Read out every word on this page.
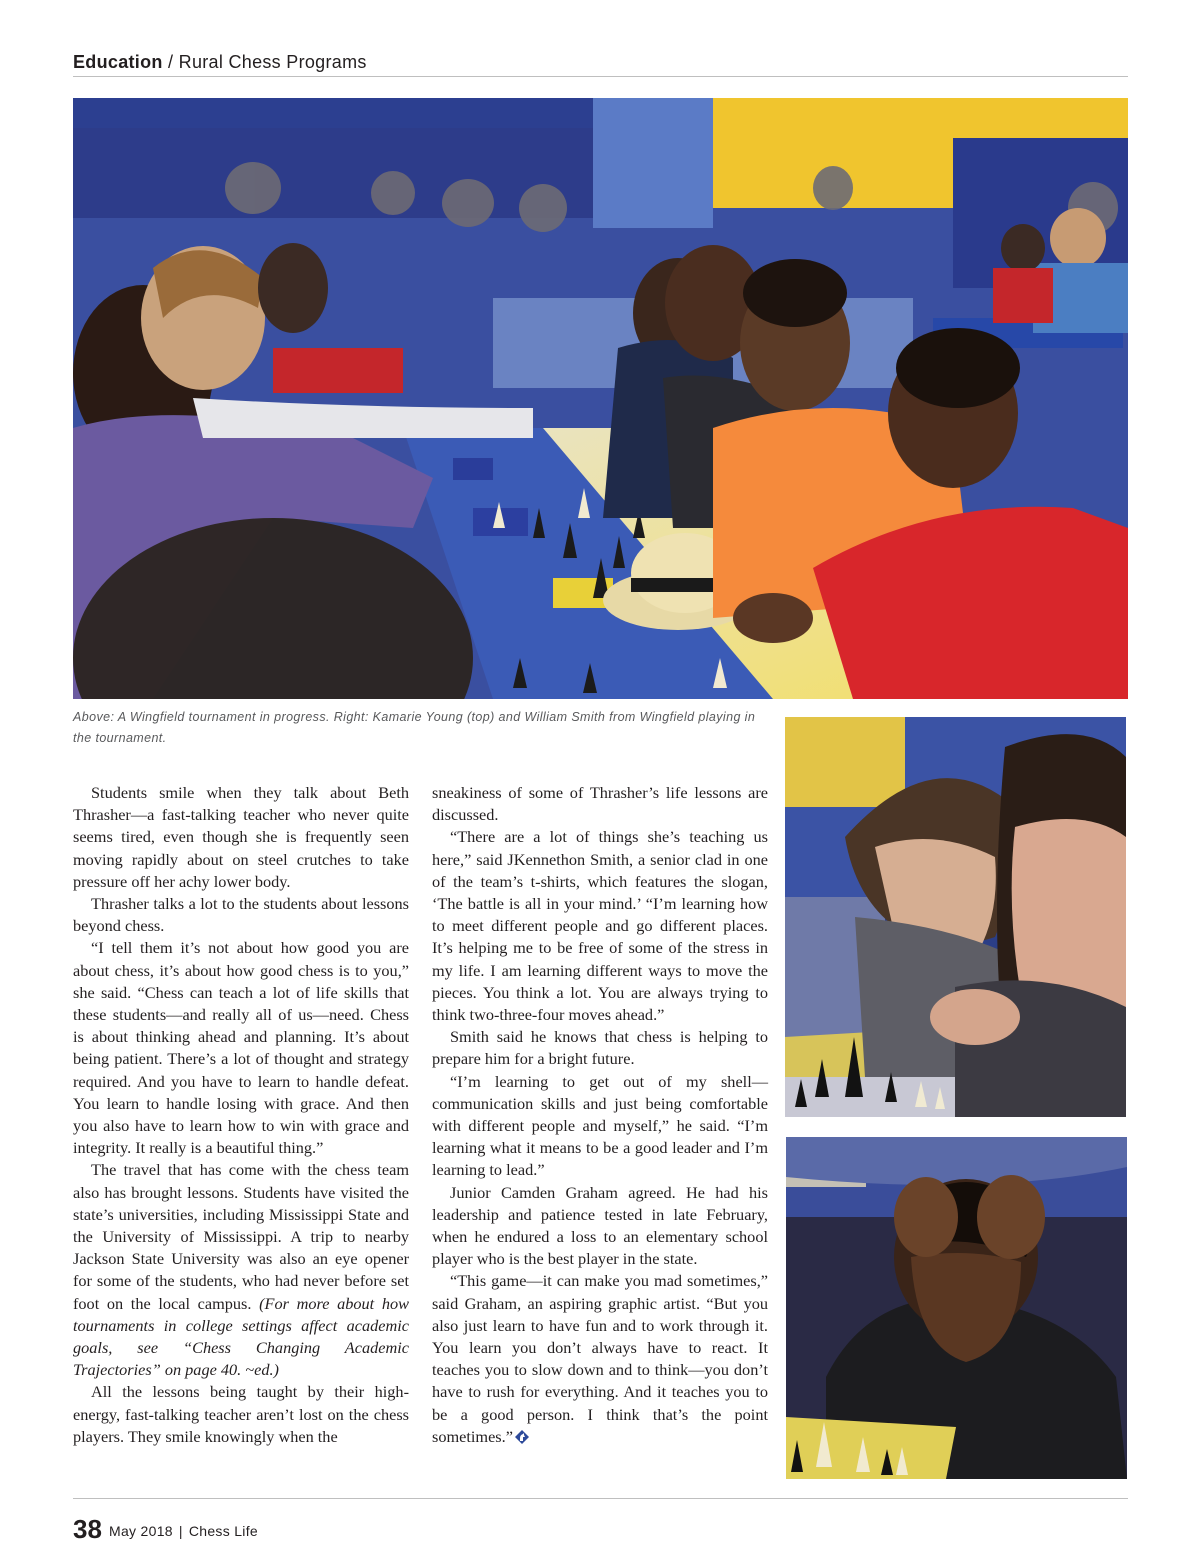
Education / Rural Chess Programs
Above: A Wingfield tournament in progress. Right: Kamarie Young (top) and William Smith from Wingfield playing in the tournament.

Students smile when they talk about Beth Thrasher—a fast-talking teacher who never quite seems tired, even though she is frequently seen moving rapidly about on steel crutches to take pressure off her achy lower body.

Thrasher talks a lot to the students about lessons beyond chess.

“I tell them it’s not about how good you are about chess, it’s about how good chess is to you,” she said. “Chess can teach a lot of life skills that these students—and really all of us—need. Chess is about thinking ahead and planning. It’s about being patient. There’s a lot of thought and strategy required. And you have to learn to handle defeat. You learn to handle losing with grace. And then you also have to learn how to win with grace and integrity. It really is a beautiful thing.”

The travel that has come with the chess team also has brought lessons. Students have visited the state’s universities, including Mississippi State and the University of Mississippi. A trip to nearby Jackson State University was also an eye opener for some of the students, who had never before set foot on the local campus. (For more about how tournaments in college settings affect academic goals, see “Chess Changing Academic Trajectories” on page 40. ~ed.)

All the lessons being taught by their high-energy, fast-talking teacher aren’t lost on the chess players. They smile knowingly when the

sneakiness of some of Thrasher’s life lessons are discussed.

“There are a lot of things she’s teaching us here,” said JKennethon Smith, a senior clad in one of the team’s t-shirts, which features the slogan, ‘The battle is all in your mind.’ “I’m learning how to meet different people and go different places. It’s helping me to be free of some of the stress in my life. I am learning different ways to move the pieces. You think a lot. You are always trying to think two-three-four moves ahead.”

Smith said he knows that chess is helping to prepare him for a bright future.

“I’m learning to get out of my shell—communication skills and just being comfortable with different people and myself,” he said. “I’m learning what it means to be a good leader and I’m learning to lead.”

Junior Camden Graham agreed. He had his leadership and patience tested in late February, when he endured a loss to an elementary school player who is the best player in the state.

“This game—it can make you mad sometimes,” said Graham, an aspiring graphic artist. “But you also just learn to have fun and to work through it. You learn you don’t always have to react. It teaches you to slow down and to think—you don’t have to rush for everything. And it teaches you to be a good person. I think that’s the point sometimes.”

38 May 2018 | Chess Life
